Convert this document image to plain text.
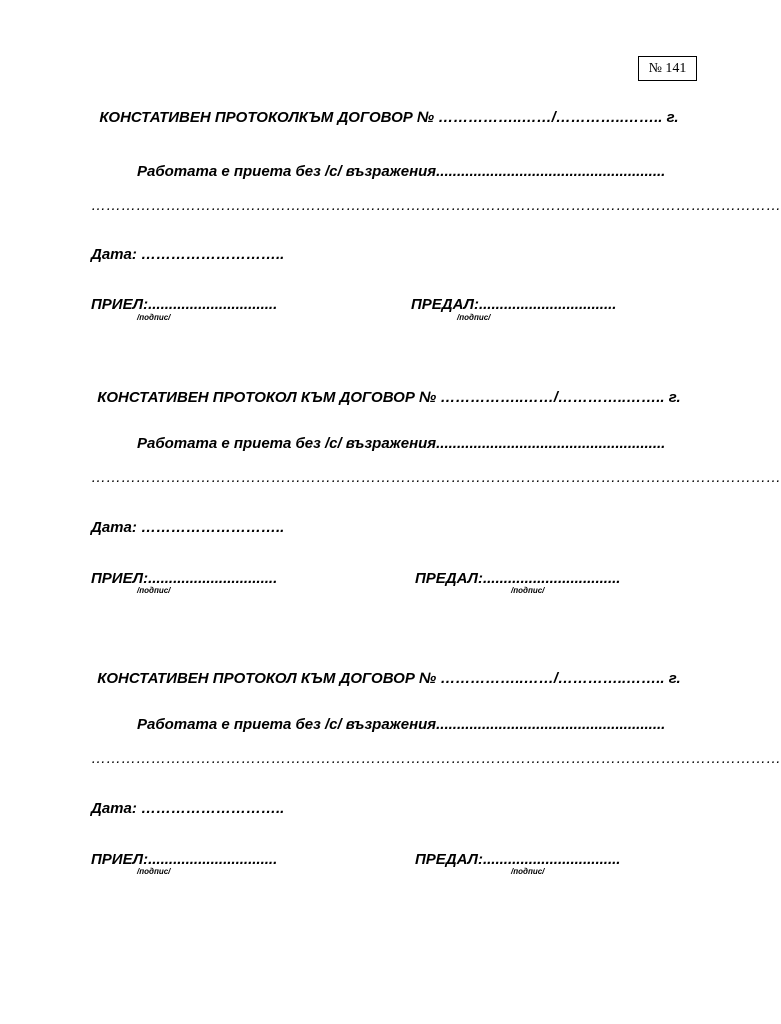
№ 141
КОНСТАТИВЕН ПРОТОКОЛКЪМ ДОГОВОР № ……………..……/…………..…….. г.
Работата е приета без /с/ възражения.......................................................
…………………………………………………………………………………………………………………………
Дата: ………………………..
ПРИЕЛ:...............................
/подпис/
ПРЕДАЛ:.................................
/подпис/
КОНСТАТИВЕН ПРОТОКОЛ КЪМ ДОГОВОР № ……………..……/…………..…….. г.
Работата е приета без /с/ възражения.......................................................
…………………………………………………………………………………………………………………………
Дата: ………………………..
ПРИЕЛ:...............................
/подпис/
ПРЕДАЛ:.................................
/подпис/
КОНСТАТИВЕН ПРОТОКОЛ КЪМ ДОГОВОР № ……………..……/…………..…….. г.
Работата е приета без /с/ възражения.......................................................
…………………………………………………………………………………………………………………………
Дата: ………………………..
ПРИЕЛ:...............................
/подпис/
ПРЕДАЛ:.................................
/подпис/
